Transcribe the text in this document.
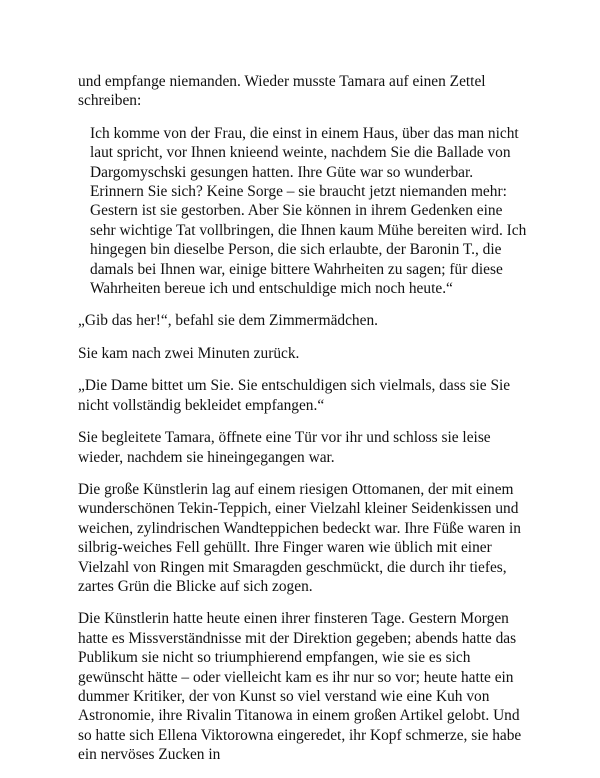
und empfange niemanden. Wieder musste Tamara auf einen Zettel schreiben:

Ich komme von der Frau, die einst in einem Haus, über das man nicht laut spricht, vor Ihnen knieend weinte, nachdem Sie die Ballade von Dargomyschski gesungen hatten. Ihre Güte war so wunderbar. Erinnern Sie sich? Keine Sorge – sie braucht jetzt niemanden mehr: Gestern ist sie gestorben. Aber Sie können in ihrem Gedenken eine sehr wichtige Tat vollbringen, die Ihnen kaum Mühe bereiten wird. Ich hingegen bin dieselbe Person, die sich erlaubte, der Baronin T., die damals bei Ihnen war, einige bittere Wahrheiten zu sagen; für diese Wahrheiten bereue ich und entschuldige mich noch heute.“

„Gib das her!“, befahl sie dem Zimmermädchen.

Sie kam nach zwei Minuten zurück.

„Die Dame bittet um Sie. Sie entschuldigen sich vielmals, dass sie Sie nicht vollständig bekleidet empfangen.“

Sie begleitete Tamara, öffnete eine Tür vor ihr und schloss sie leise wieder, nachdem sie hineingegangen war.

Die große Künstlerin lag auf einem riesigen Ottomanen, der mit einem wunderschönen Tekin-Teppich, einer Vielzahl kleiner Seidenkissen und weichen, zylindrischen Wandteppichen bedeckt war. Ihre Füße waren in silbrig-weiches Fell gehüllt. Ihre Finger waren wie üblich mit einer Vielzahl von Ringen mit Smaragden geschmückt, die durch ihr tiefes, zartes Grün die Blicke auf sich zogen.

Die Künstlerin hatte heute einen ihrer finsteren Tage. Gestern Morgen hatte es Missverständnisse mit der Direktion gegeben; abends hatte das Publikum sie nicht so triumphierend empfangen, wie sie es sich gewünscht hätte – oder vielleicht kam es ihr nur so vor; heute hatte ein dummer Kritiker, der von Kunst so viel verstand wie eine Kuh von Astronomie, ihre Rivalin Titanowa in einem großen Artikel gelobt. Und so hatte sich Ellena Viktorowna eingeredet, ihr Kopf schmerze, sie habe ein nervöses Zucken in
